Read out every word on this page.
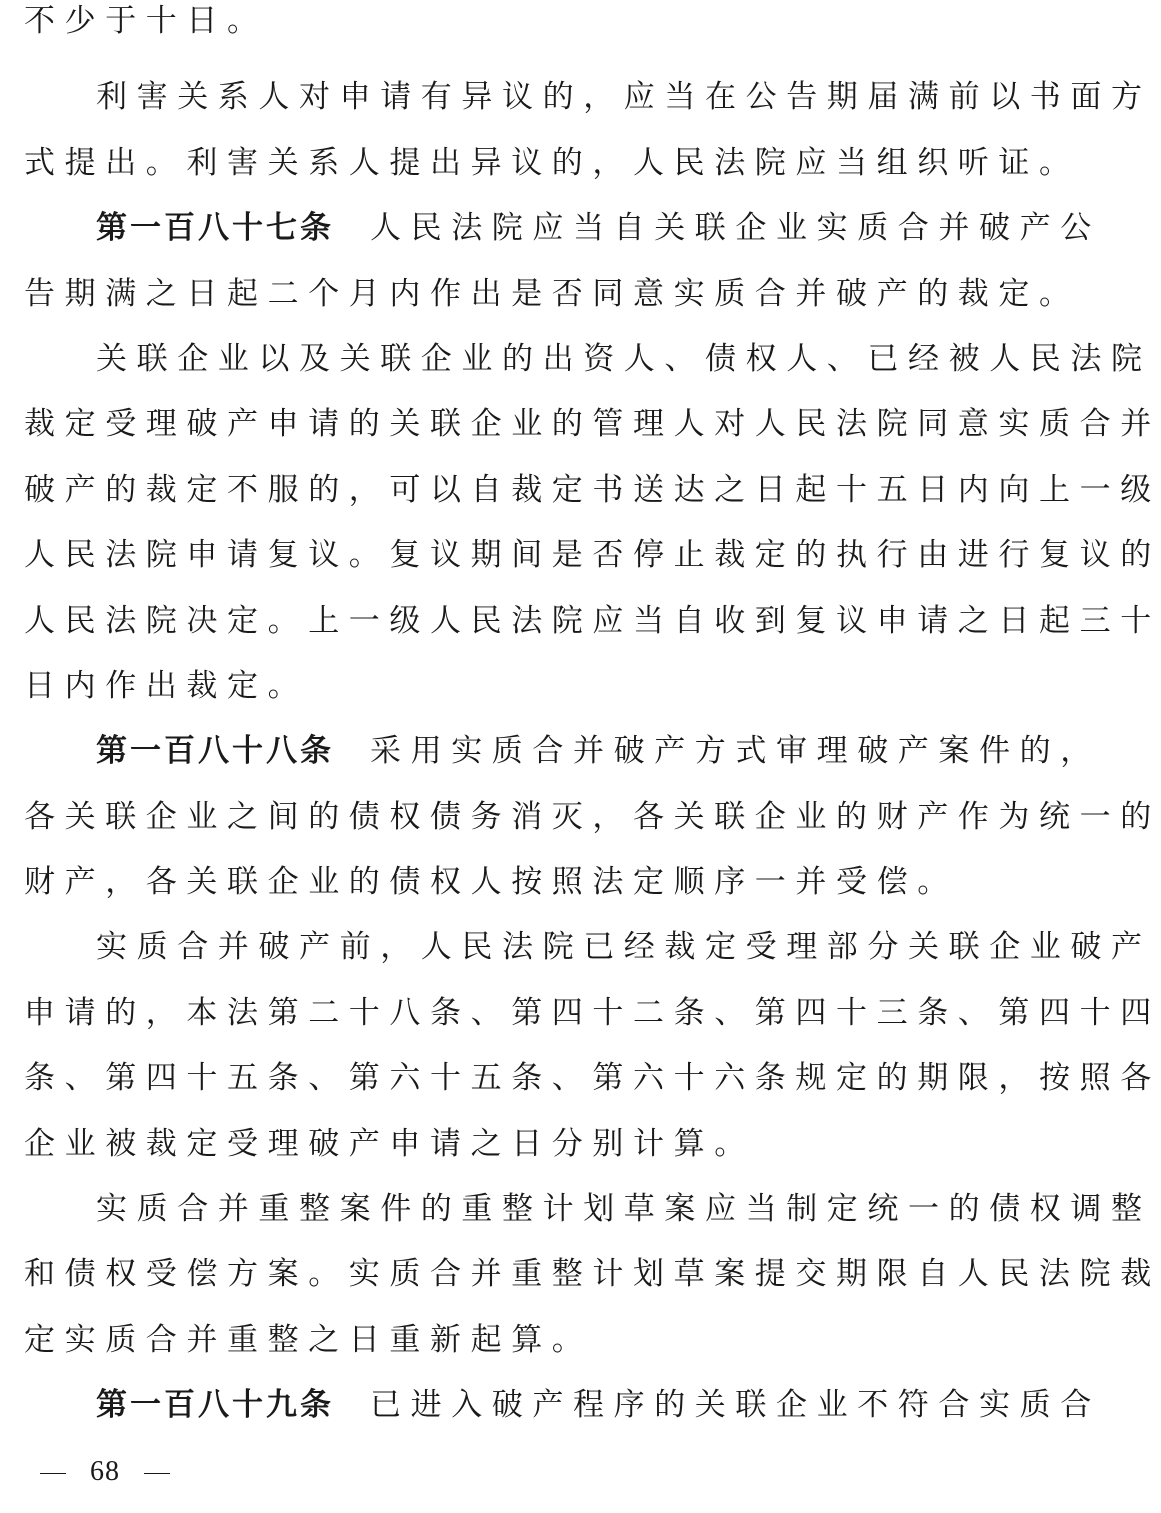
不少于十日。
利害关系人对申请有异议的，应当在公告期届满前以书面方
式提出。利害关系人提出异议的，人民法院应当组织听证。
第一百八十七条 人民法院应当自关联企业实质合并破产公
告期满之日起二个月内作出是否同意实质合并破产的裁定。
关联企业以及关联企业的出资人、债权人、已经被人民法院
裁定受理破产申请的关联企业的管理人对人民法院同意实质合并
破产的裁定不服的，可以自裁定书送达之日起十五日内向上一级
人民法院申请复议。复议期间是否停止裁定的执行由进行复议的
人民法院决定。上一级人民法院应当自收到复议申请之日起三十
日内作出裁定。
第一百八十八条 采用实质合并破产方式审理破产案件的，
各关联企业之间的债权债务消灭，各关联企业的财产作为统一的
财产，各关联企业的债权人按照法定顺序一并受偿。
实质合并破产前，人民法院已经裁定受理部分关联企业破产
申请的，本法第二十八条、第四十二条、第四十三条、第四十四
条、第四十五条、第六十五条、第六十六条规定的期限，按照各
企业被裁定受理破产申请之日分别计算。
实质合并重整案件的重整计划草案应当制定统一的债权调整
和债权受偿方案。实质合并重整计划草案提交期限自人民法院裁
定实质合并重整之日重新起算。
第一百八十九条 已进入破产程序的关联企业不符合实质合
68
